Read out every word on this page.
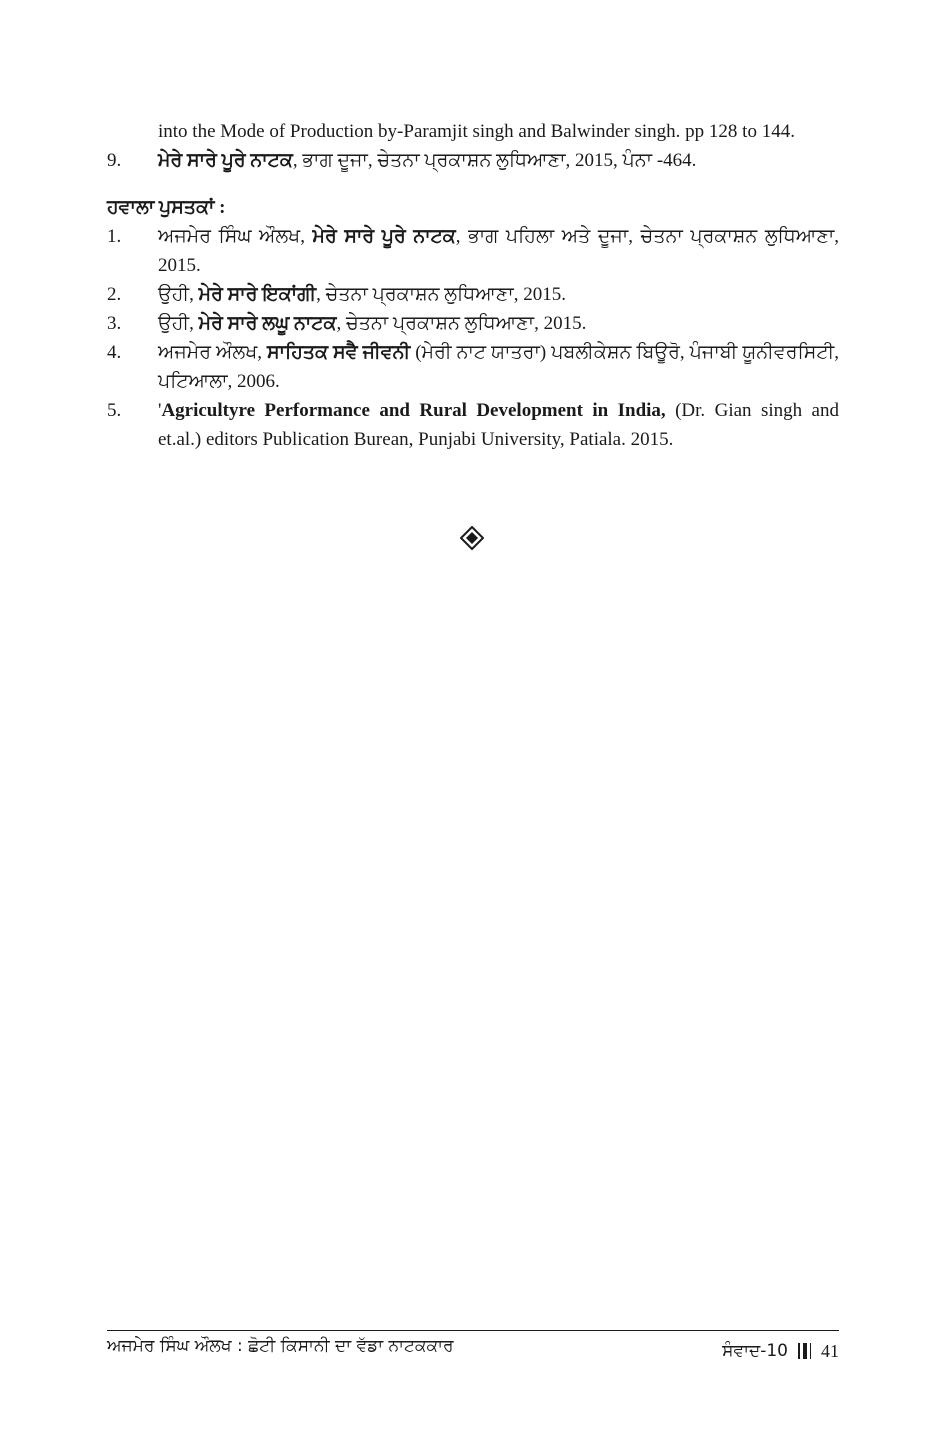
into the Mode of Production by-Paramjit singh and Balwinder singh. pp 128 to 144.
9.	ਮੇਰੇ ਸਾਰੇ ਪੂਰੇ ਨਾਟਕ, ਭਾਗ ਦੂਜਾ, ਚੇਤਨਾ ਪ੍ਰਕਾਸ਼ਨ ਲੁਧਿਆਣਾ, 2015, ਪੰਨਾ -464.
ਹਵਾਲਾ ਪੁਸਤਕਾਂ :
1.	ਅਜਮੇਰ ਸਿੰਘ ਔਲਖ, ਮੇਰੇ ਸਾਰੇ ਪੂਰੇ ਨਾਟਕ, ਭਾਗ ਪਹਿਲਾ ਅਤੇ ਦੂਜਾ, ਚੇਤਨਾ ਪ੍ਰਕਾਸ਼ਨ ਲੁਧਿਆਣਾ, 2015.
2.	ਉਹੀ, ਮੇਰੇ ਸਾਰੇ ਇਕਾਂਗੀ, ਚੇਤਨਾ ਪ੍ਰਕਾਸ਼ਨ ਲੁਧਿਆਣਾ, 2015.
3.	ਉਹੀ, ਮੇਰੇ ਸਾਰੇ ਲਘੂ ਨਾਟਕ, ਚੇਤਨਾ ਪ੍ਰਕਾਸ਼ਨ ਲੁਧਿਆਣਾ, 2015.
4.	ਅਜਮੇਰ ਔਲਖ, ਸਾਹਿਤਕ ਸਵੈ ਜੀਵਨੀ (ਮੇਰੀ ਨਾਟ ਯਾਤਰਾ) ਪਬਲੀਕੇਸ਼ਨ ਬਿਊਰੋ, ਪੰਜਾਬੀ ਯੂਨੀਵਰਸਿਟੀ, ਪਟਿਆਲਾ, 2006.
5.	'Agricultyre Performance and Rural Development in India, (Dr. Gian singh and et.al.) editors Publication Burean, Punjabi University, Patiala. 2015.
ਅਜਮੇਰ ਸਿੰਘ ਔਲਖ : ਛੋਟੀ ਕਿਸਾਨੀ ਦਾ ਵੱਡਾ ਨਾਟਕਕਾਰ	ਸੰਵਾਦ-10 41
